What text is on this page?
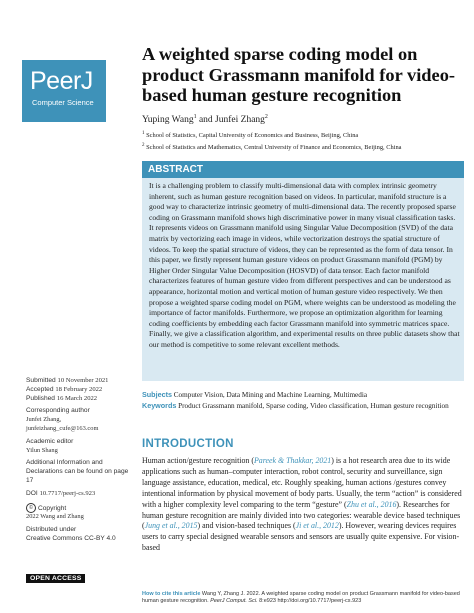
PeerJ
Computer Science
A weighted sparse coding model on product Grassmann manifold for video-based human gesture recognition
Yuping Wang$^1$ and Junfei Zhang$^2$
$^1$ School of Statistics, Capital University of Economics and Business, Beijing, China
$^2$ School of Statistics and Mathematics, Central University of Finance and Economics, Beijing, China
ABSTRACT
It is a challenging problem to classify multi-dimensional data with complex intrinsic geometry inherent, such as human gesture recognition based on videos. In particular, manifold structure is a good way to characterize intrinsic geometry of multi-dimensional data. The recently proposed sparse coding on Grassmann manifold shows high discriminative power in many visual classification tasks. It represents videos on Grassmann manifold using Singular Value Decomposition (SVD) of the data matrix by vectorizing each image in videos, while vectorization destroys the spatial structure of videos. To keep the spatial structure of videos, they can be represented as the form of data tensor. In this paper, we firstly represent human gesture videos on product Grassmann manifold (PGM) by Higher Order Singular Value Decomposition (HOSVD) of data tensor. Each factor manifold characterizes features of human gesture video from different perspectives and can be understood as appearance, horizontal motion and vertical motion of human gesture video respectively. We then propose a weighted sparse coding model on PGM, where weights can be understood as modeling the importance of factor manifolds. Furthermore, we propose an optimization algorithm for learning coding coefficients by embedding each factor Grassmann manifold into symmetric matrices space. Finally, we give a classification algorithm, and experimental results on three public datasets show that our method is competitive to some relevant excellent methods.
Subjects Computer Vision, Data Mining and Machine Learning, Multimedia
Keywords Product Grassmann manifold, Sparse coding, Video classification, Human gesture recognition
Submitted 10 November 2021
Accepted 18 February 2022
Published 16 March 2022
Corresponding author
Junfei Zhang,
junfeizhang_cufe@163.com
Academic editor
Yilun Shang
Additional Information and Declarations can be found on page 17
DOI 10.7717/peerj-cs.923
© Copyright
2022 Wang and Zhang
Distributed under
Creative Commons CC-BY 4.0
OPEN ACCESS
INTRODUCTION
Human action/gesture recognition (Pareek & Thakkar, 2021) is a hot research area due to its wide applications such as human–computer interaction, robot control, security and surveillance, sign language assistance, education, medical, etc. Roughly speaking, human actions /gestures convey intentional information by physical movement of body parts. Usually, the term “action” is considered with a higher complexity level comparing to the term “gesture” (Zhu et al., 2016). Researches for human gesture recognition are mainly divided into two categories: wearable device based techniques (Jung et al., 2015) and vision-based techniques (Ji et al., 2012). However, wearing devices requires users to carry special designed wearable sensors and sensors are usually quite expensive. For vision-based
How to cite this article Wang Y, Zhang J. 2022. A weighted sparse coding model on product Grassmann manifold for video-based human gesture recognition. PeerJ Comput. Sci. 8:e923 http://doi.org/10.7717/peerj-cs.923
